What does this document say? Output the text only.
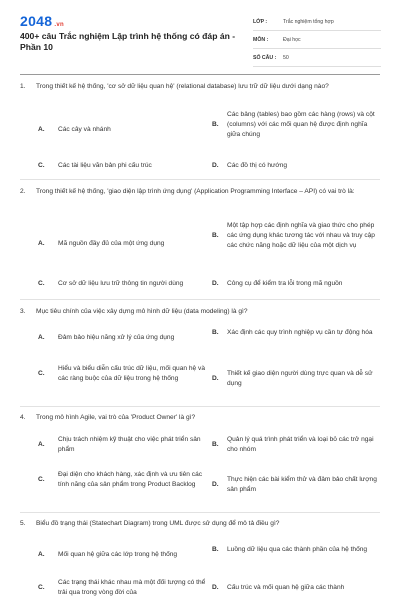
2048 .vn
400+ câu Trắc nghiệm Lập trình hệ thống có đáp án - Phần 10
LỚP :	Trắc nghiệm tổng hợp
MÔN :	Đại học
SỐ CÂU :	50
1.	Trong thiết kế hệ thống, 'cơ sở dữ liệu quan hệ' (relational database) lưu trữ dữ liệu dưới dạng nào?
A.	Các cây và nhánh
B.
Các bảng (tables) bao gồm các hàng (rows) và cột (columns) với các mối quan hệ được định nghĩa giữa chúng
C.	Các tài liệu văn bản phi cấu trúc	D.	Các đồ thị có hướng
2.	Trong thiết kế hệ thống, 'giao diện lập trình ứng dụng' (Application Programming Interface – API) có vai trò là:
A.	Mã nguồn đầy đủ của một ứng dụng
B.
Một tập hợp các định nghĩa và giao thức cho phép các ứng dụng khác tương tác với nhau và truy cập các chức năng hoặc dữ liệu của một dịch vụ
C.	Cơ sở dữ liệu lưu trữ thông tin người dùng	D.	Công cụ để kiểm tra lỗi trong mã nguồn
3.	Mục tiêu chính của việc xây dựng mô hình dữ liệu (data modeling) là gì?
A.	Đảm bảo hiệu năng xử lý của ứng dụng
B.	Xác định các quy trình nghiệp vụ cần tự động hóa
C.
Hiểu và biểu diễn cấu trúc dữ liệu, mối quan hệ và các ràng buộc của dữ liệu trong hệ thống	D.
Thiết kế giao diện người dùng trực quan và dễ sử dụng
4.	Trong mô hình Agile, vai trò của 'Product Owner' là gì?
A.
Chịu trách nhiệm kỹ thuật cho việc phát triển sản phẩm
B.
Quản lý quá trình phát triển và loại bỏ các trở ngại cho nhóm
C.
Đại diện cho khách hàng, xác định và ưu tiên các tính năng của sản phẩm trong Product Backlog	D.
Thực hiện các bài kiểm thử và đảm bảo chất lượng sản phẩm
5.	Biểu đồ trạng thái (Statechart Diagram) trong UML được sử dụng để mô tả điều gì?
A.	Mối quan hệ giữa các lớp trong hệ thống
B.	Luồng dữ liệu qua các thành phần của hệ thống
C.
Các trạng thái khác nhau mà một đối tượng có thể trải qua trong vòng đời của
D.	Cấu trúc và mối quan hệ giữa các thành
